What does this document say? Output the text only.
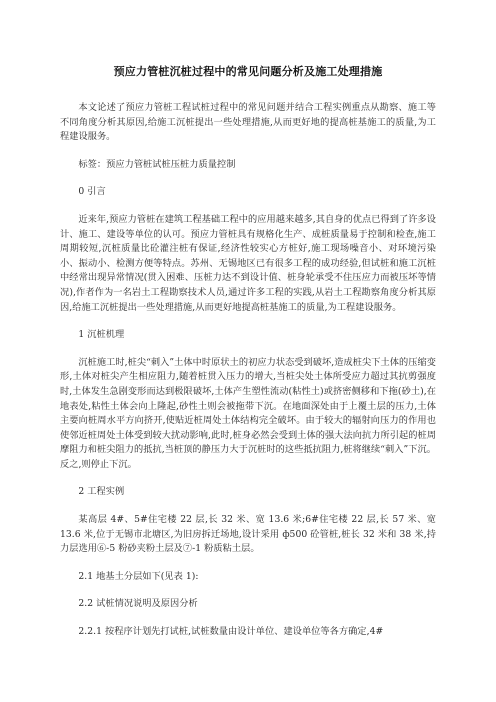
预应力管桩沉桩过程中的常见问题分析及施工处理措施

本文论述了预应力管桩工程试桩过程中的常见问题并结合工程实例重点从勘察、施工等不同角度分析其原因,给施工沉桩提出一些处理措施,从而更好地的提高桩基施工的质量,为工程建设服务。

标签：预应力管桩试桩压桩力质量控制

0 引言

近来年,预应力管桩在建筑工程基础工程中的应用越来越多,其自身的优点已得到了许多设计、施工、建设等单位的认可。预应力管桩具有规格化生产、成桩质量易于控制和检查,施工周期较短,沉桩质量比砼灌注桩有保证,经济性较实心方桩好,施工现场噪音小、对环境污染小、振动小、检测方便等特点。苏州、无锡地区已有很多工程的成功经验,但试桩和施工沉桩中经常出现异常情况(贯入困难、压桩力达不到设计值、桩身轮承受不住压应力而被压坏等情况),作者作为一名岩土工程勘察技术人员,通过许多工程的实践,从岩土工程勘察角度分析其原因,给施工沉桩提出一些处理措施,从而更好地提高桩基施工的质量,为工程建设服务。

1 沉桩机理

沉桩施工时,桩尖“刺入”土体中时原状土的初应力状态受到破坏,造成桩尖下土体的压缩变形,土体对桩尖产生相应阻力,随着桩贯入压力的增大,当桩尖处土体所受应力超过其抗剪强度时,土体发生急剧变形而达到极限破坏,土体产生塑性流动(粘性土)或挤密侧移和下拖(砂土),在地表处,粘性土体会向上隆起,砂性土则会被拖带下沉。在地面深处由于上覆土层的压力,土体主要向桩周水平方向挤开,使贴近桩周处土体结构完全破坏。由于较大的辐射向压力的作用也使邻近桩周处土体受到较大扰动影响,此时,桩身必然会受到土体的强大法向抗力所引起的桩周摩阻力和桩尖阻力的抵抗,当桩顶的静压力大于沉桩时的这些抵抗阻力,桩将继续“刺入”下沉。反之,则停止下沉。

2 工程实例

某高层 4#、5#住宅楼 22 层,长 32 米、宽 13.6 米;6#住宅楼 22 层,长 57 米、宽 13.6 米,位于无锡市北塘区,为旧房拆迁场地,设计采用 ф500 砼管桩,桩长 32 米和 38 米,持力层选用⑥-5 粉砂夹粉土层及⑦-1 粉质粘土层。

2.1 地基土分层如下(见表 1):

2.2 试桩情况说明及原因分析

2.2.1 按程序计划先打试桩,试桩数量由设计单位、建设单位等各方确定,4#
